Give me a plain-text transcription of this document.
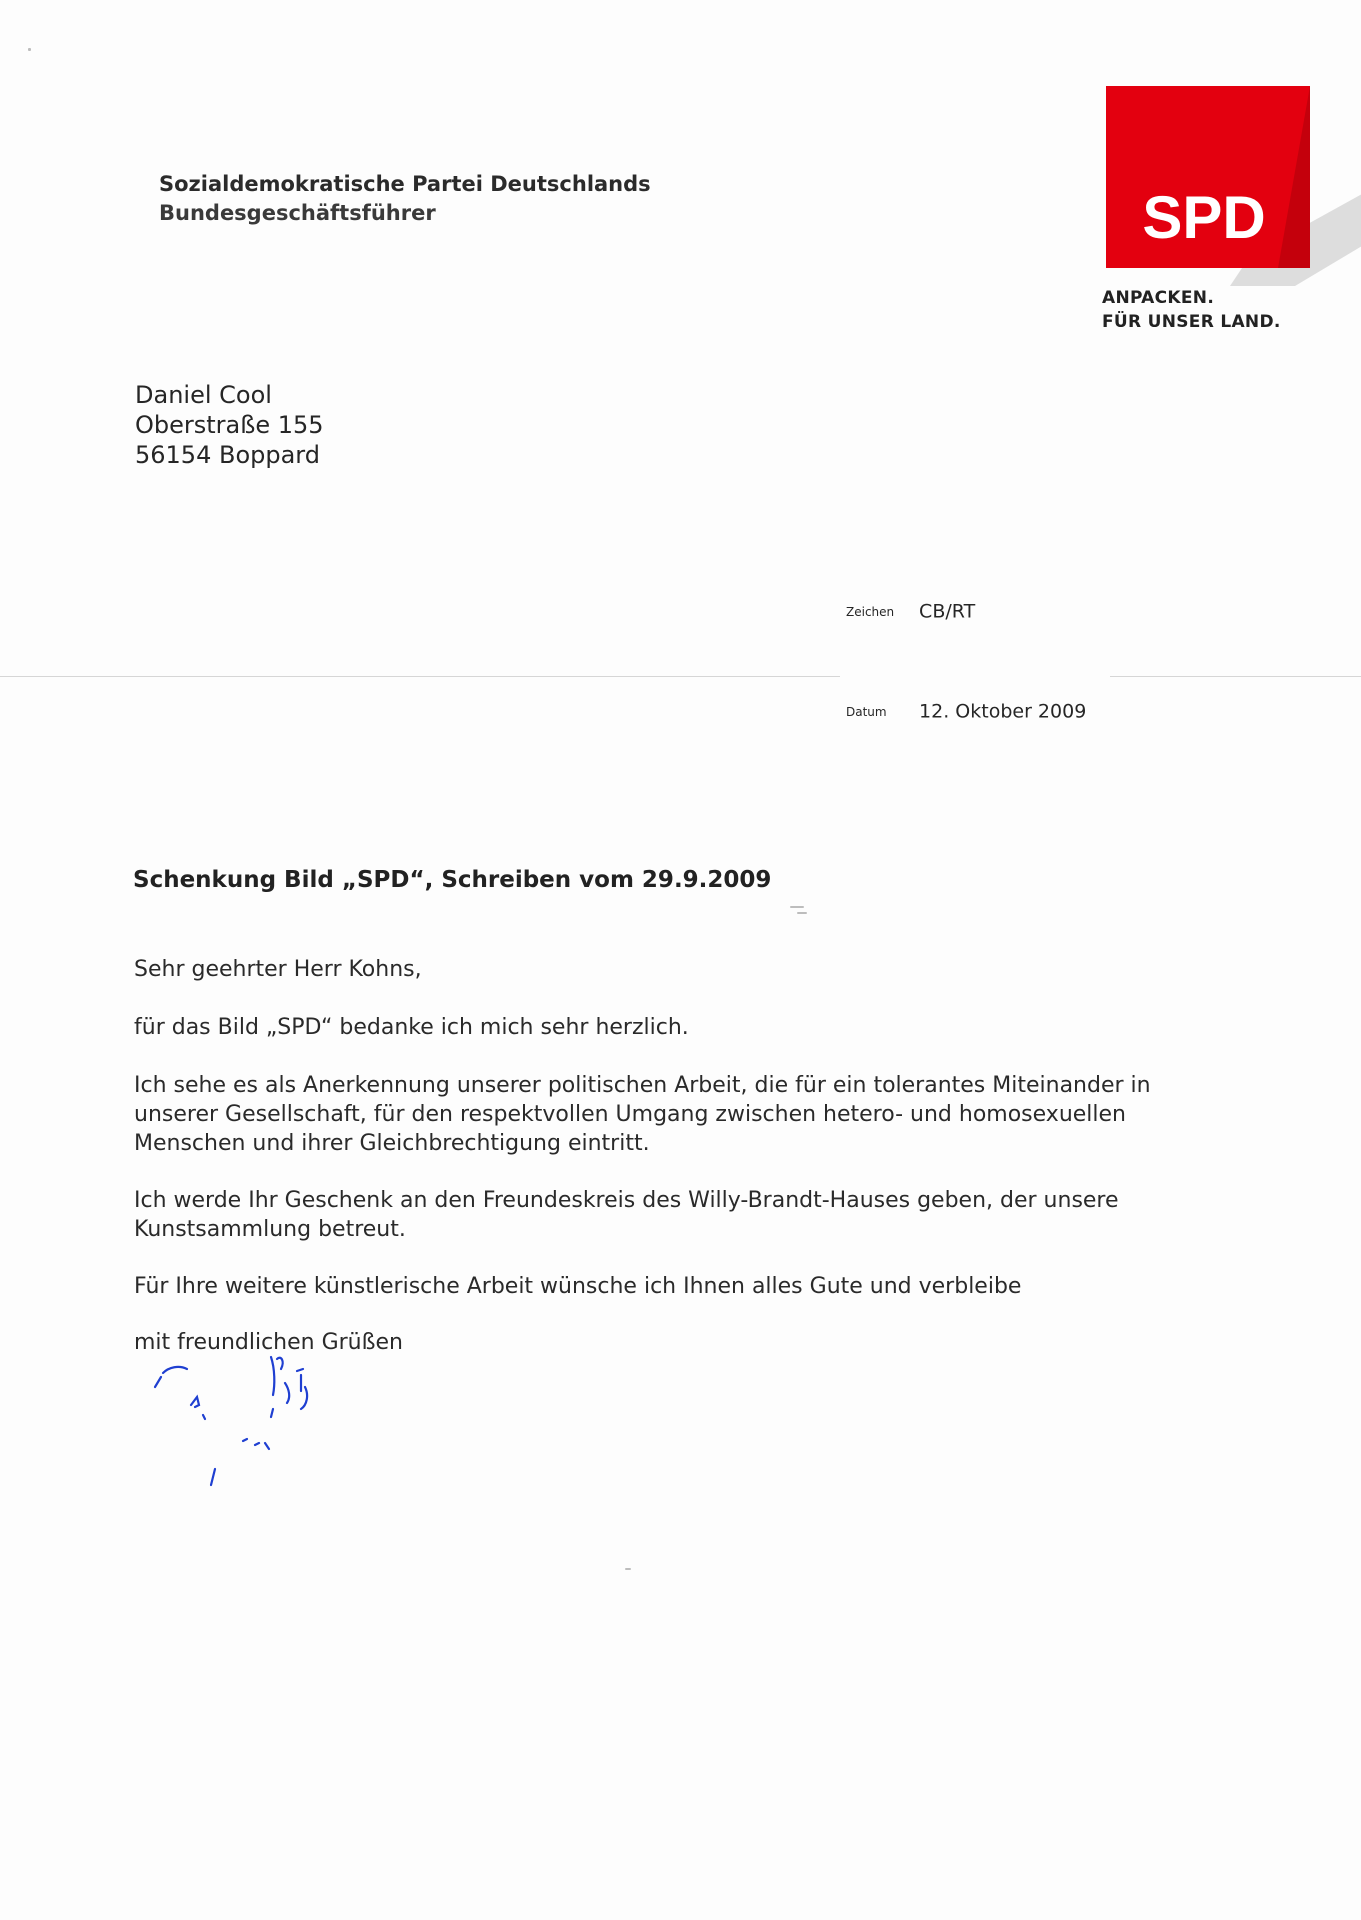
Sozialdemokratische Partei Deutschlands
Bundesgeschäftsführer	SPD
ANPACKEN.
FÜR UNSER LAND.
Daniel Cool
Oberstraße 155
56154 Boppard
Zeichen CB/RT
Datum 12. Oktober 2009
Schenkung Bild „SPD“, Schreiben vom 29.9.2009
Sehr geehrter Herr Kohns,
für das Bild „SPD“ bedanke ich mich sehr herzlich.
Ich sehe es als Anerkennung unserer politischen Arbeit, die für ein tolerantes Miteinander in unserer Gesellschaft, für den respektvollen Umgang zwischen hetero- und homosexuellen Menschen und ihrer Gleichbrechtigung eintritt.
Ich werde Ihr Geschenk an den Freundeskreis des Willy-Brandt-Hauses geben, der unsere Kunstsammlung betreut.
Für Ihre weitere künstlerische Arbeit wünsche ich Ihnen alles Gute und verbleibe
mit freundlichen Grüßen
